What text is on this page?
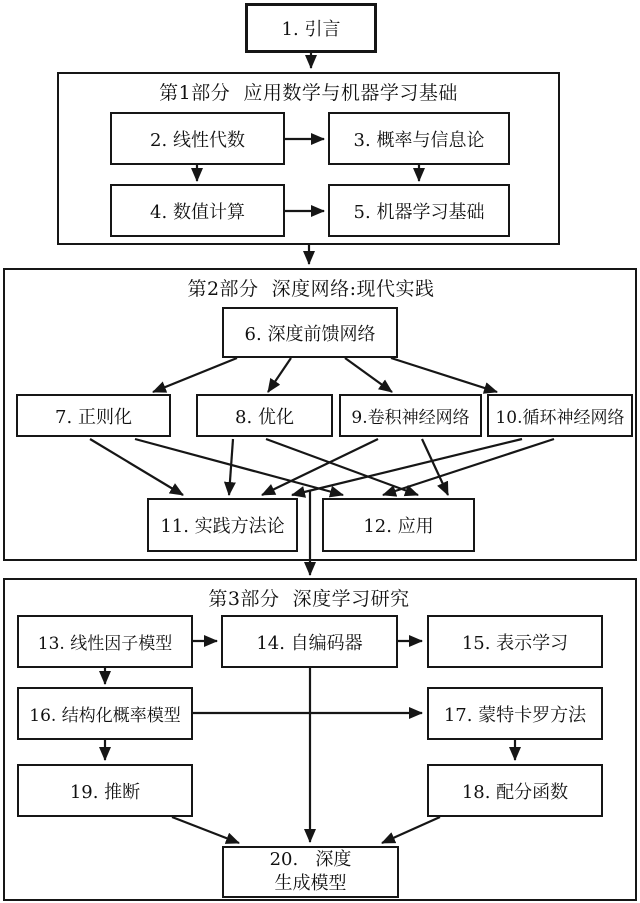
第1部分  应用数学与机器学习基础
第2部分  深度网络:现代实践
第3部分  深度学习研究
1. 引言
2. 线性代数	3. 概率与信息论
4. 数值计算	5. 机器学习基础
6. 深度前馈网络
7. 正则化	8. 优化	9.卷积神经网络 10.循环神经网络
11. 实践方法论	12. 应用
13. 线性因子模型	14. 自编码器	15. 表示学习
16. 结构化概率模型	17. 蒙特卡罗方法
19. 推断	18. 配分函数
20.   深度
生成模型
